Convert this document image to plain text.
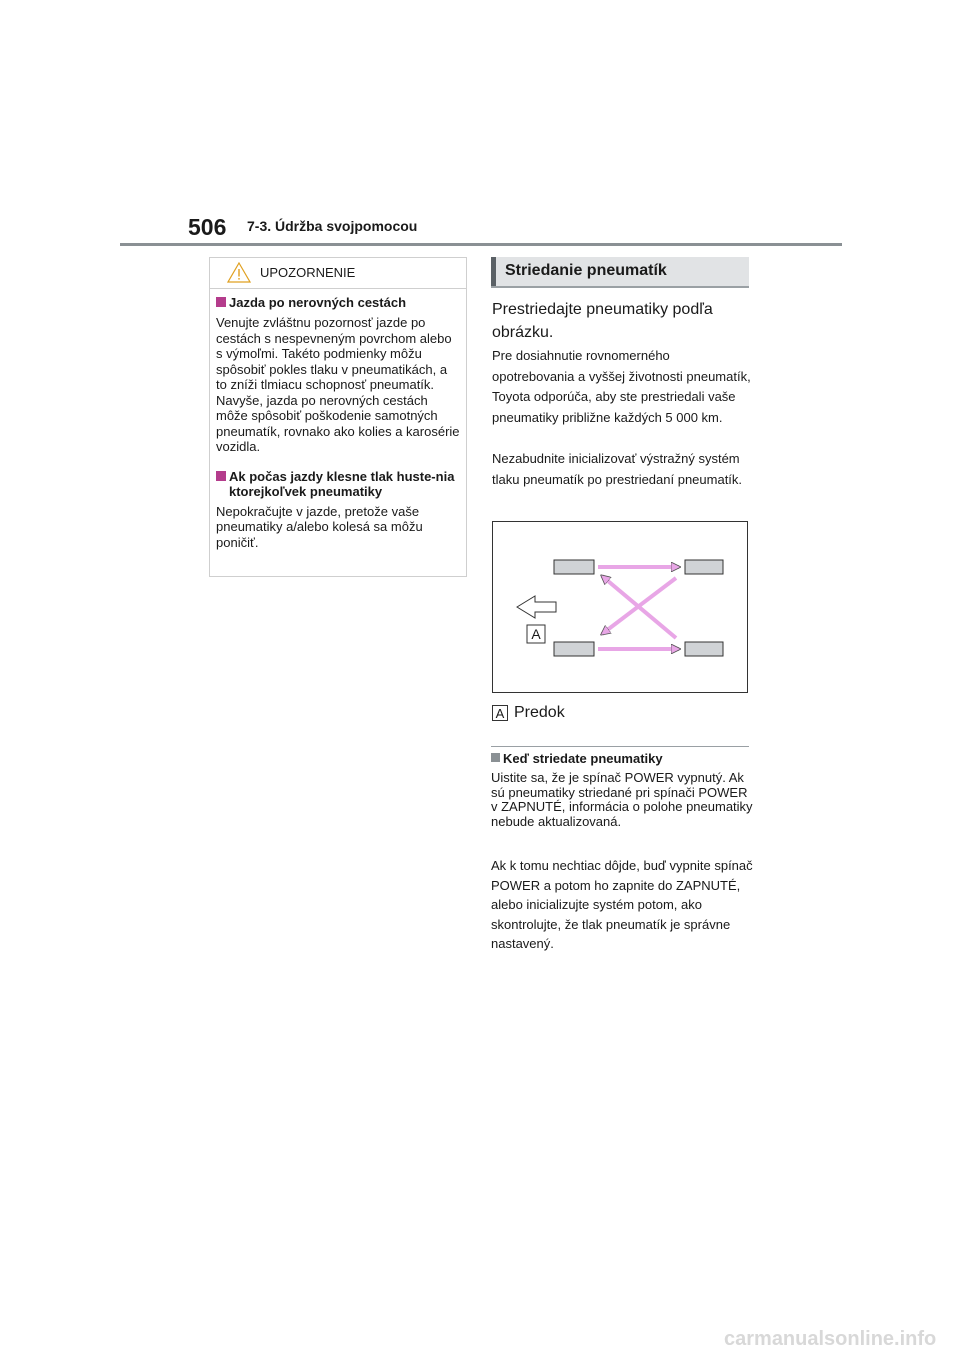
506 7-3. Údržba svojpomocou
UPOZORNENIE
Jazda po nerovných cestách
Venujte zvláštnu pozornosť jazde po cestách s nespevneným povrchom alebo s výmoľmi. Takéto podmienky môžu spôsobiť pokles tlaku v pneumatikách, a to zníži tlmiacu schopnosť pneumatík. Navyše, jazda po nerovných cestách môže spôsobiť poškodenie samotných pneumatík, rovnako ako kolies a karosérie vozidla.
Ak počas jazdy klesne tlak huste-nia ktorejkoľvek pneumatiky
Nepokračujte v jazde, pretože vaše pneumatiky a/alebo kolesá sa môžu poničiť.
Striedanie pneumatík
Prestriedajte pneumatiky podľa obrázku.
Pre dosiahnutie rovnomerného opotrebovania a vyššej životnosti pneumatík, Toyota odporúča, aby ste prestriedali vaše pneumatiky približne každých 5 000 km.
Nezabudnite inicializovať výstražný systém tlaku pneumatík po prestriedaní pneumatík.
A
A Predok
Keď striedate pneumatiky
Uistite sa, že je spínač POWER vypnutý. Ak sú pneumatiky striedané pri spínači POWER v ZAPNUTÉ, informácia o polohe pneumatiky nebude aktualizovaná.
Ak k tomu nechtiac dôjde, buď vypnite spínač POWER a potom ho zapnite do ZAPNUTÉ, alebo inicializujte systém potom, ako skontrolujte, že tlak pneumatík je správne nastavený.
carmanualsonline.info
